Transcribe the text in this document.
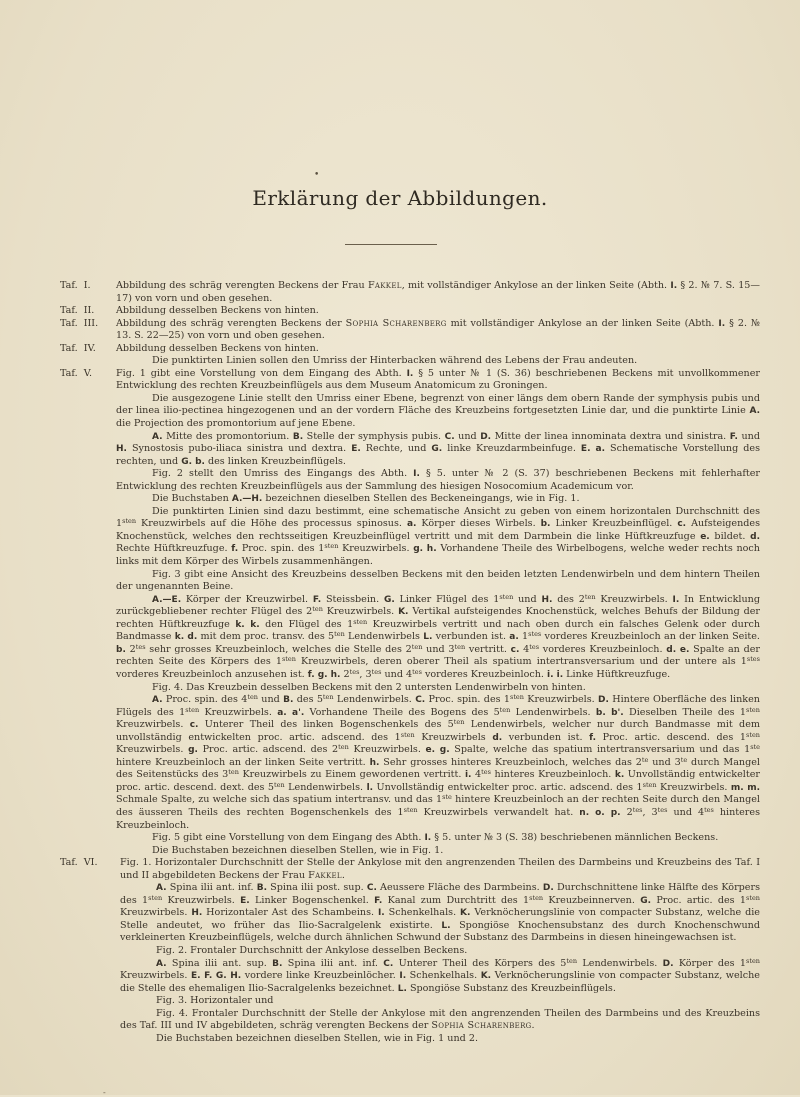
•
Erklärung der Abbildungen.
Taf.  I.	Abbildung des schräg verengten Beckens der Frau Fakkel, mit vollständiger Ankylose an der linken Seite (Abth. I. § 2. № 7. S. 15—17) von vorn und oben gesehen.
Taf.  II. Abbildung desselben Beckens von hinten.
Taf.  III. Abbildung des schräg verengten Beckens der Sophia Scharenberg mit vollständiger Ankylose an der linken Seite (Abth. I. § 2. № 13. S. 22—25) von vorn und oben gesehen.
Taf.  IV. Abbildung desselben Beckens von hinten.
Die punktirten Linien sollen den Umriss der Hinterbacken während des Lebens der Frau andeuten.
Taf.  V. Fig. 1 gibt eine Vorstellung von dem Eingang des Abth. I. § 5 unter № 1 (S. 36) beschriebenen Beckens mit unvollkommener Entwicklung des rechten Kreuzbeinflügels aus dem Museum Anatomicum zu Groningen.
Die ausgezogene Linie stellt den Umriss einer Ebene, begrenzt von einer längs dem obern Rande der symphysis pubis und der linea ilio-pectinea hingezogenen und an der vordern Fläche des Kreuzbeins fortgesetzten Linie dar, und die punktirte Linie A. die Projection des promontorium auf jene Ebene.
A. Mitte des promontorium. B. Stelle der symphysis pubis. C. und D. Mitte der linea innominata dextra und sinistra. F. und H. Synostosis pubo-iliaca sinistra und dextra. E. Rechte, und G. linke Kreuzdarmbeinfuge. E. a. Schematische Vorstellung des rechten, und G. b. des linken Kreuzbeinflügels.
Fig. 2 stellt den Umriss des Eingangs des Abth. I. § 5. unter № 2 (S. 37) beschriebenen Beckens mit fehlerhafter Entwicklung des rechten Kreuzbeinflügels aus der Sammlung des hiesigen Nosocomium Academicum vor.
Die Buchstaben A.—H. bezeichnen dieselben Stellen des Beckeneingangs, wie in Fig. 1.
Die punktirten Linien sind dazu bestimmt, eine schematische Ansicht zu geben von einem horizontalen Durchschnitt des $1^{sten}$ Kreuzwirbels auf die Höhe des processus spinosus. a. Körper dieses Wirbels. b. Linker Kreuzbeinflügel. c. Aufsteigendes Knochenstück, welches den rechtsseitigen Kreuzbeinflügel vertritt und mit dem Darmbein die linke Hüftkreuzfuge e. bildet. d. Rechte Hüftkreuzfuge. f. Proc. spin. des $1^{sten}$ Kreuzwirbels. g. h. Vorhandene Theile des Wirbelbogens, welche weder rechts noch links mit dem Körper des Wirbels zusammenhängen.
Fig. 3 gibt eine Ansicht des Kreuzbeins desselben Beckens mit den beiden letzten Lendenwirbeln und dem hintern Theilen der ungenannten Beine.
A.—E. Körper der Kreuzwirbel. F. Steissbein. G. Linker Flügel des $1^{sten}$ und H. des $2^{ten}$ Kreuzwirbels. I. In Entwicklung zurückgebliebener rechter Flügel des $2^{ten}$ Kreuzwirbels. K. Vertikal aufsteigendes Knochenstück, welches Behufs der Bildung der rechten Hüftkreuzfuge k. k. den Flügel des $1^{sten}$ Kreuzwirbels vertritt und nach oben durch ein falsches Gelenk oder durch Bandmasse k. d. mit dem proc. transv. des $5^{ten}$ Lendenwirbels L. verbunden ist. a. $1^{stes}$ vorderes Kreuzbeinloch an der linken Seite. b. $2^{tes}$ sehr grosses Kreuzbeinloch, welches die Stelle des $2^{ten}$ und $3^{ten}$ vertritt. c. $4^{tes}$ vorderes Kreuzbeinloch. d. e. Spalte an der rechten Seite des Körpers des $1^{sten}$ Kreuzwirbels, deren oberer Theil als spatium intertransversarium und der untere als $1^{stes}$ vorderes Kreuzbeinloch anzusehen ist. f. g. h. $2^{tes}$, $3^{tes}$ und $4^{tes}$ vorderes Kreuzbeinloch. i. i. Linke Hüftkreuzfuge.
Fig. 4. Das Kreuzbein desselben Beckens mit den 2 untersten Lendenwirbeln von hinten.
A. Proc. spin. des $4^{ten}$ und B. des $5^{ten}$ Lendenwirbels. C. Proc. spin. des $1^{sten}$ Kreuzwirbels. D. Hintere Oberfläche des linken Flügels des $1^{sten}$ Kreuzwirbels. a. a'. Vorhandene Theile des Bogens des $5^{ten}$ Lendenwirbels. b. b'. Dieselben Theile des $1^{sten}$ Kreuzwirbels. c. Unterer Theil des linken Bogenschenkels des $5^{ten}$ Lendenwirbels, welcher nur durch Bandmasse mit dem unvollständig entwickelten proc. artic. adscend. des $1^{sten}$ Kreuzwirbels d. verbunden ist. f. Proc. artic. descend. des $1^{sten}$ Kreuzwirbels. g. Proc. artic. adscend. des $2^{ten}$ Kreuzwirbels. e. g. Spalte, welche das spatium intertransversarium und das 1ste hintere Kreuzbeinloch an der linken Seite vertritt. h. Sehr grosses hinteres Kreuzbeinloch, welches das $2^{te}$ und $3^{te}$ durch Mangel des Seitenstücks des $3^{ten}$ Kreuzwirbels zu Einem gewordenen vertritt. i. $4^{tes}$ hinteres Kreuzbeinloch. k. Unvollständig entwickelter proc. artic. descend. dext. des $5^{ten}$ Lendenwirbels. l. Unvollständig entwickelter proc. artic. adscend. des $1^{sten}$ Kreuzwirbels. m. m. Schmale Spalte, zu welche sich das spatium intertransv. und das 1ste hintere Kreuzbeinloch an der rechten Seite durch den Mangel des äusseren Theils des rechten Bogenschenkels des $1^{sten}$ Kreuzwirbels verwandelt hat. n. o. p. $2^{tes}$, $3^{tes}$ und $4^{tes}$ hinteres Kreuzbeinloch.
Fig. 5 gibt eine Vorstellung von dem Eingang des Abth. I. § 5. unter № 3 (S. 38) beschriebenen männlichen Beckens.
Die Buchstaben bezeichnen dieselben Stellen, wie in Fig. 1.
Taf.  VI. Fig. 1. Horizontaler Durchschnitt der Stelle der Ankylose mit den angrenzenden Theilen des Darmbeins und Kreuzbeins des Taf. I und II abgebildeten Beckens der Frau Fakkel.
A. Spina ilii ant. inf. B. Spina ilii post. sup. C. Aeussere Fläche des Darmbeins. D. Durchschnittene linke Hälfte des Körpers des $1^{sten}$ Kreuzwirbels. E. Linker Bogenschenkel. F. Kanal zum Durchtritt des $1^{sten}$ Kreuzbeinnerven. G. Proc. artic. des $1^{sten}$ Kreuzwirbels. H. Horizontaler Ast des Schambeins. I. Schenkelhals. K. Verknöcherungslinie von compacter Substanz, welche die Stelle andeutet, wo früher das Ilio-Sacralgelenk existirte. L. Spongiöse Knochensubstanz des durch Knochenschwund verkleinerten Kreuzbeinflügels, welche durch ähnlichen Schwund der Substanz des Darmbeins in diesen hineingewachsen ist.
Fig. 2. Frontaler Durchschnitt der Ankylose desselben Beckens.
A. Spina ilii ant. sup. B. Spina ilii ant. inf. C. Unterer Theil des Körpers des $5^{ten}$ Lendenwirbels. D. Körper des $1^{sten}$ Kreuzwirbels. E. F. G. H. vordere linke Kreuzbeinlöcher. I. Schenkelhals. K. Verknöcherungslinie von compacter Substanz, welche die Stelle des ehemaligen Ilio-Sacralgelenks bezeichnet. L. Spongiöse Substanz des Kreuzbeinflügels.
Fig. 3. Horizontaler und
Fig. 4. Frontaler Durchschnitt der Stelle der Ankylose mit den angrenzenden Theilen des Darmbeins und des Kreuzbeins des Taf. III und IV abgebildeten, schräg verengten Beckens der Sophia Scharenberg.
Die Buchstaben bezeichnen dieselben Stellen, wie in Fig. 1 und 2.
-
